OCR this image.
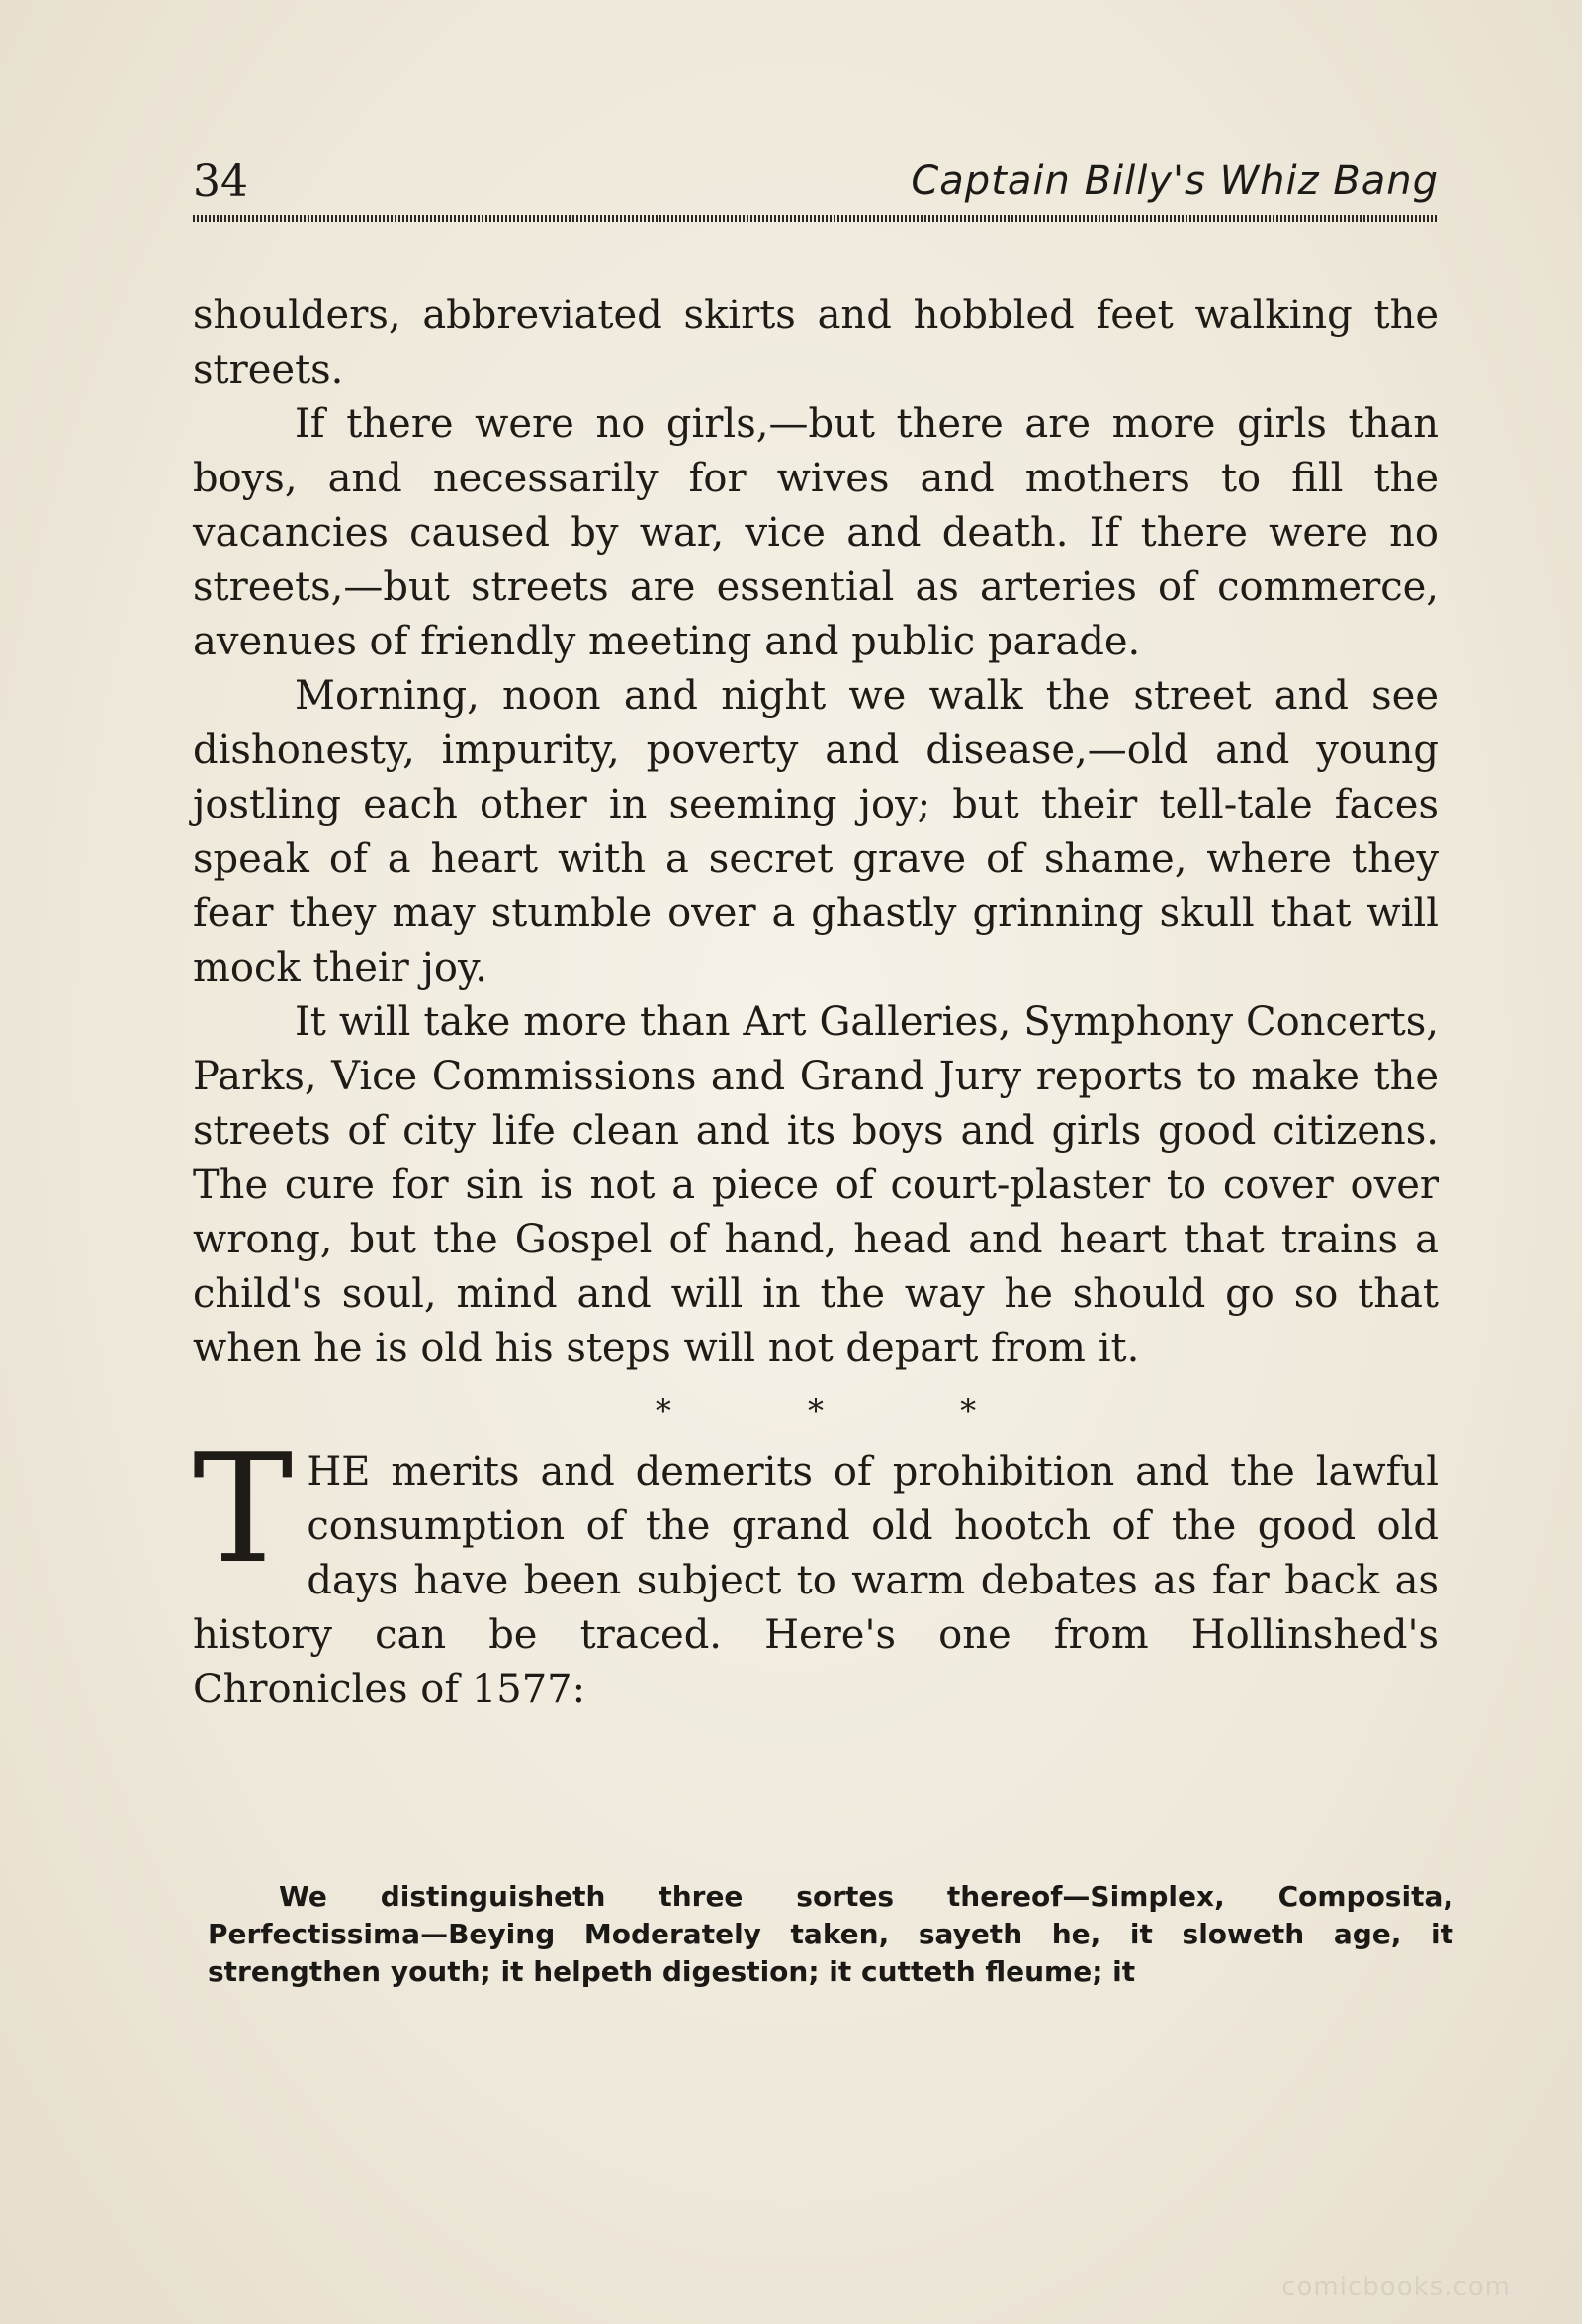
34	Captain Billy's Whiz Bang

shoulders, abbreviated skirts and hobbled feet walking the streets.

If there were no girls,—but there are more girls than boys, and necessarily for wives and mothers to fill the vacancies caused by war, vice and death. If there were no streets,—but streets are essential as arteries of commerce, avenues of friendly meeting and public parade.

Morning, noon and night we walk the street and see dishonesty, impurity, poverty and disease,—old and young jostling each other in seeming joy; but their tell-tale faces speak of a heart with a secret grave of shame, where they fear they may stumble over a ghastly grinning skull that will mock their joy.

It will take more than Art Galleries, Symphony Concerts, Parks, Vice Commissions and Grand Jury reports to make the streets of city life clean and its boys and girls good citizens. The cure for sin is not a piece of court-plaster to cover over wrong, but the Gospel of hand, head and heart that trains a child's soul, mind and will in the way he should go so that when he is old his steps will not depart from it.

* * *

THE merits and demerits of prohibition and the lawful consumption of the grand old hootch of the good old days have been subject to warm debates as far back as history can be traced. Here's one from Hollinshed's Chronicles of 1577:

We distinguisheth three sortes thereof—Simplex, Composita, Perfectissima—Beying Moderately taken, sayeth he, it sloweth age, it strengthen youth; it helpeth digestion; it cutteth fleume; it

comicbooks.com
